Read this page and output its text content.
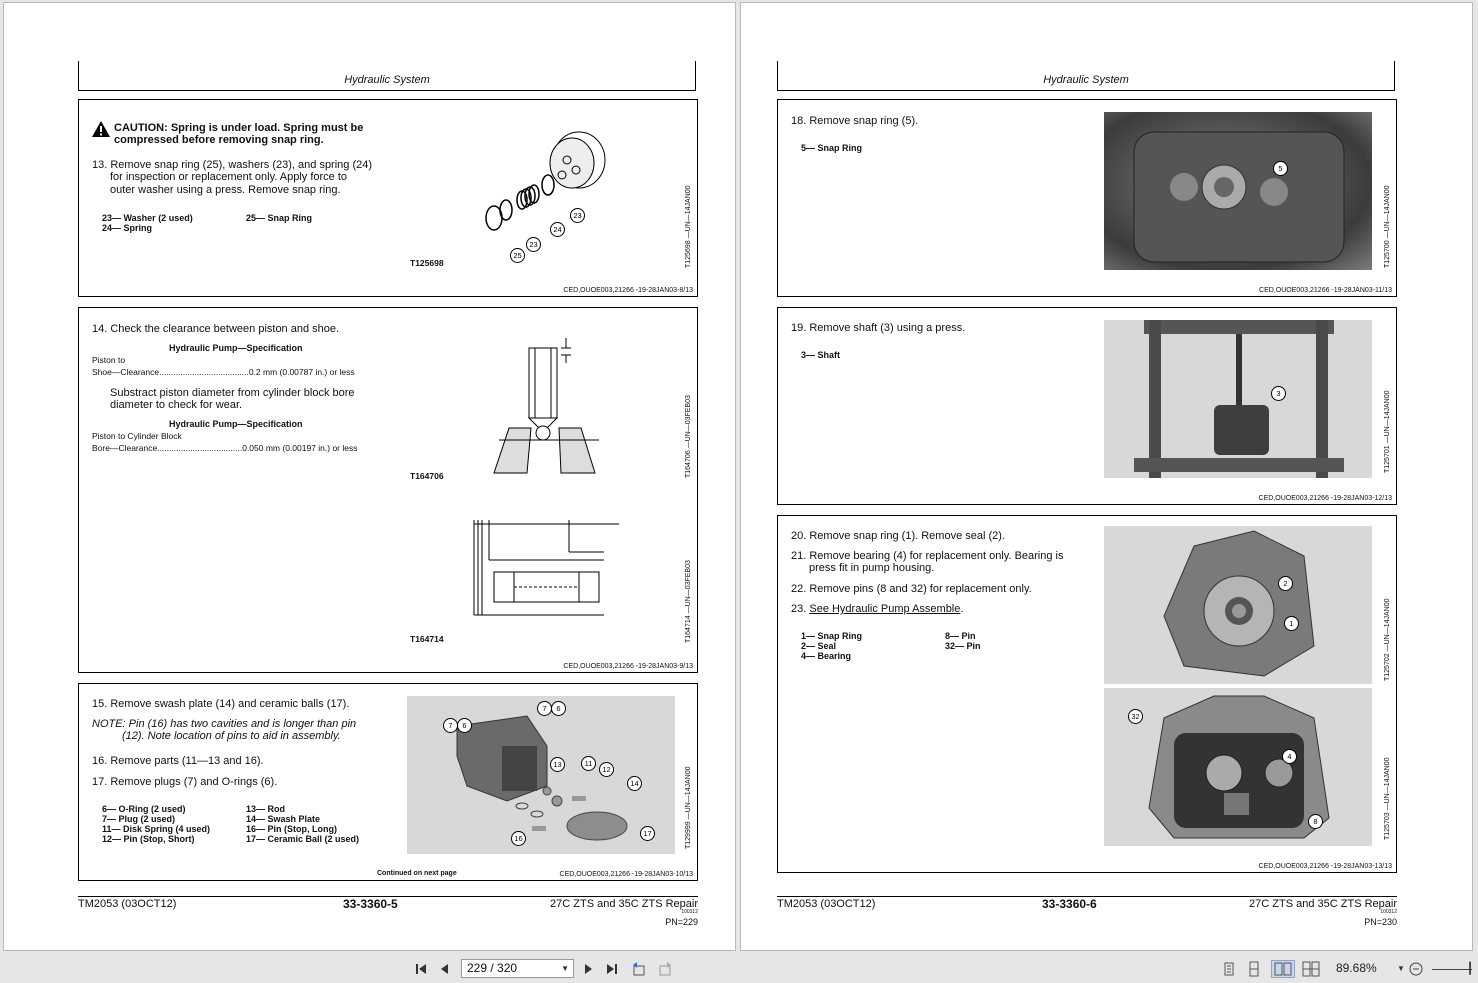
Hydraulic System
CAUTION: Spring is under load. Spring must be
compressed before removing snap ring.
13. Remove snap ring (25), washers (23), and spring (24)
for inspection or replacement only. Apply force to
outer washer using a press. Remove snap ring.
23— Washer (2 used)
24— Spring
25— Snap Ring	23
24
23
25
T125698	T125698 —UN—14JAN00
CED,OUOE003,21266 -19-28JAN03-8/13
14. Check the clearance between piston and shoe.
Hydraulic Pump—Specification
Piston to
Shoe—Clearance......................................0.2 mm (0.00787 in.) or less
Substract piston diameter from cylinder block bore
diameter to check for wear.
Hydraulic Pump—Specification
Piston to Cylinder Block
Bore—Clearance....................................0.050 mm (0.00197 in.) or less
T164706	T164706 —UN—03FEB03
T164714	T164714 —UN—03FEB03
CED,OUOE003,21266 -19-28JAN03-9/13
15. Remove swash plate (14) and ceramic balls (17).
NOTE: Pin (16) has two cavities and is longer than pin
(12). Note location of pins to aid in assembly.
16. Remove parts (11—13 and 16).
17. Remove plugs (7) and O-rings (6).
6— O-Ring (2 used)
7— Plug (2 used)
11— Disk Spring (4 used)
12— Pin (Stop, Short)
13— Rod
14— Swash Plate
16— Pin (Stop, Long)
17— Ceramic Ball (2 used)
7	6
7	6
13	11
12
14
16
17	T129999 —UN—14JAN00
Continued on next page	CED,OUOE003,21266 -19-28JAN03-10/13
TM2053 (03OCT12)	33-3360-5	27C ZTS and 35C ZTS Repair
100312
PN=229
Hydraulic System
18. Remove snap ring (5).
5— Snap Ring
5
T125700 —UN—14JAN00
CED,OUOE003,21266 -19-28JAN03-11/13
19. Remove shaft (3) using a press.
3— Shaft
3	T125701 —UN—14JAN00
CED,OUOE003,21266 -19-28JAN03-12/13
20. Remove snap ring (1). Remove seal (2).
21. Remove bearing (4) for replacement only. Bearing is
press fit in pump housing.
22. Remove pins (8 and 32) for replacement only.
23. See Hydraulic Pump Assemble.
1— Snap Ring
2— Seal
4— Bearing
8— Pin
32— Pin
2
1	T125702 —UN—14JAN00
32
4
8	T125703 —UN—14JAN00
CED,OUOE003,21266 -19-28JAN03-13/13
TM2053 (03OCT12)	33-3360-6	27C ZTS and 35C ZTS Repair
100312
PN=230
229 / 320	▼	89.68%	▼	┃
